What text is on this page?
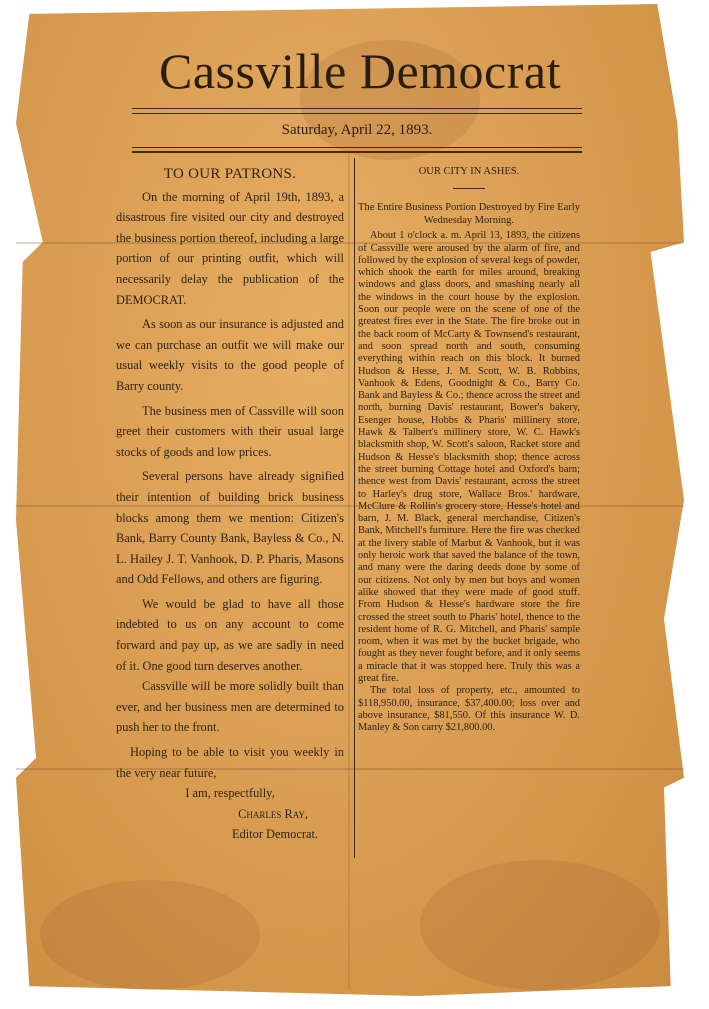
Cassville Democrat
Saturday, April 22, 1893.
TO OUR PATRONS.

On the morning of April 19th, 1893, a disastrous fire visited our city and destroyed the business portion thereof, including a large portion of our printing outfit, which will necessarily delay the publication of the DEMOCRAT.

As soon as our insurance is adjusted and we can purchase an outfit we will make our usual weekly visits to the good people of Barry county.

The business men of Cassville will soon greet their customers with their usual large stocks of goods and low prices.

Several persons have already signified their intention of building brick business blocks among them we mention: Citizen's Bank, Barry County Bank, Bayless & Co., N. L. Hailey J. T. Vanhook, D. P. Pharis, Masons and Odd Fellows, and others are figuring.

We would be glad to have all those indebted to us on any account to come forward and pay up, as we are sadly in need of it. One good turn deserves another.

Cassville will be more solidly built than ever, and her business men are determined to push her to the front.

Hoping to be able to visit you weekly in the very near future,

I am, respectfully,

Charles Ray,

Editor Democrat.

OUR CITY IN ASHES.
The Entire Business Portion Destroyed by Fire Early Wednesday Morning.

About 1 o'clock a. m. April 13, 1893, the citizens of Cassville were aroused by the alarm of fire, and followed by the explosion of several kegs of powder, which shook the earth for miles around, breaking windows and glass doors, and smashing nearly all the windows in the court house by the explosion. Soon our people were on the scene of one of the greatest fires ever in the State. The fire broke out in the back room of McCarty & Townsend's restaurant, and soon spread north and south, consuming everything within reach on this block. It burned Hudson & Hesse, J. M. Scott, W. B. Robbins, Vanhook & Edens, Goodnight & Co., Barry Co. Bank and Bayless & Co.; thence across the street and north, burning Davis' restaurant, Bower's bakery, Esenger house, Hobbs & Pharis' millinery store, Hawk & Talbert's millinery store, W. C. Hawk's blacksmith shop, W. Scott's saloon, Racket store and Hudson & Hesse's blacksmith shop; thence across the street burning Cottage hotel and Oxford's barn; thence west from Davis' restaurant, across the street to Harley's drug store, Wallace Bros.' hardware, McClure & Rollin's grocery store, Hesse's hotel and barn, J. M. Black, general merchandise, Citizen's Bank, Mitchell's furniture. Here the fire was checked at the livery stable of Marbut & Vanhook, but it was only heroic work that saved the balance of the town, and many were the daring deeds done by some of our citizens. Not only by men but boys and women alike showed that they were made of good stuff. From Hudson & Hesse's hardware store the fire crossed the street south to Pharis' hotel, thence to the resident home of R. G. Mitchell, and Pharis' sample room, when it was met by the bucket brigade, who fought as they never fought before, and it only seems a miracle that it was stopped here. Truly this was a great fire.

The total loss of property, etc., amounted to $118,950.00, insurance, $37,400.00; loss over and above insurance, $81,550. Of this insurance W. D. Manley & Son carry $21,800.00.
